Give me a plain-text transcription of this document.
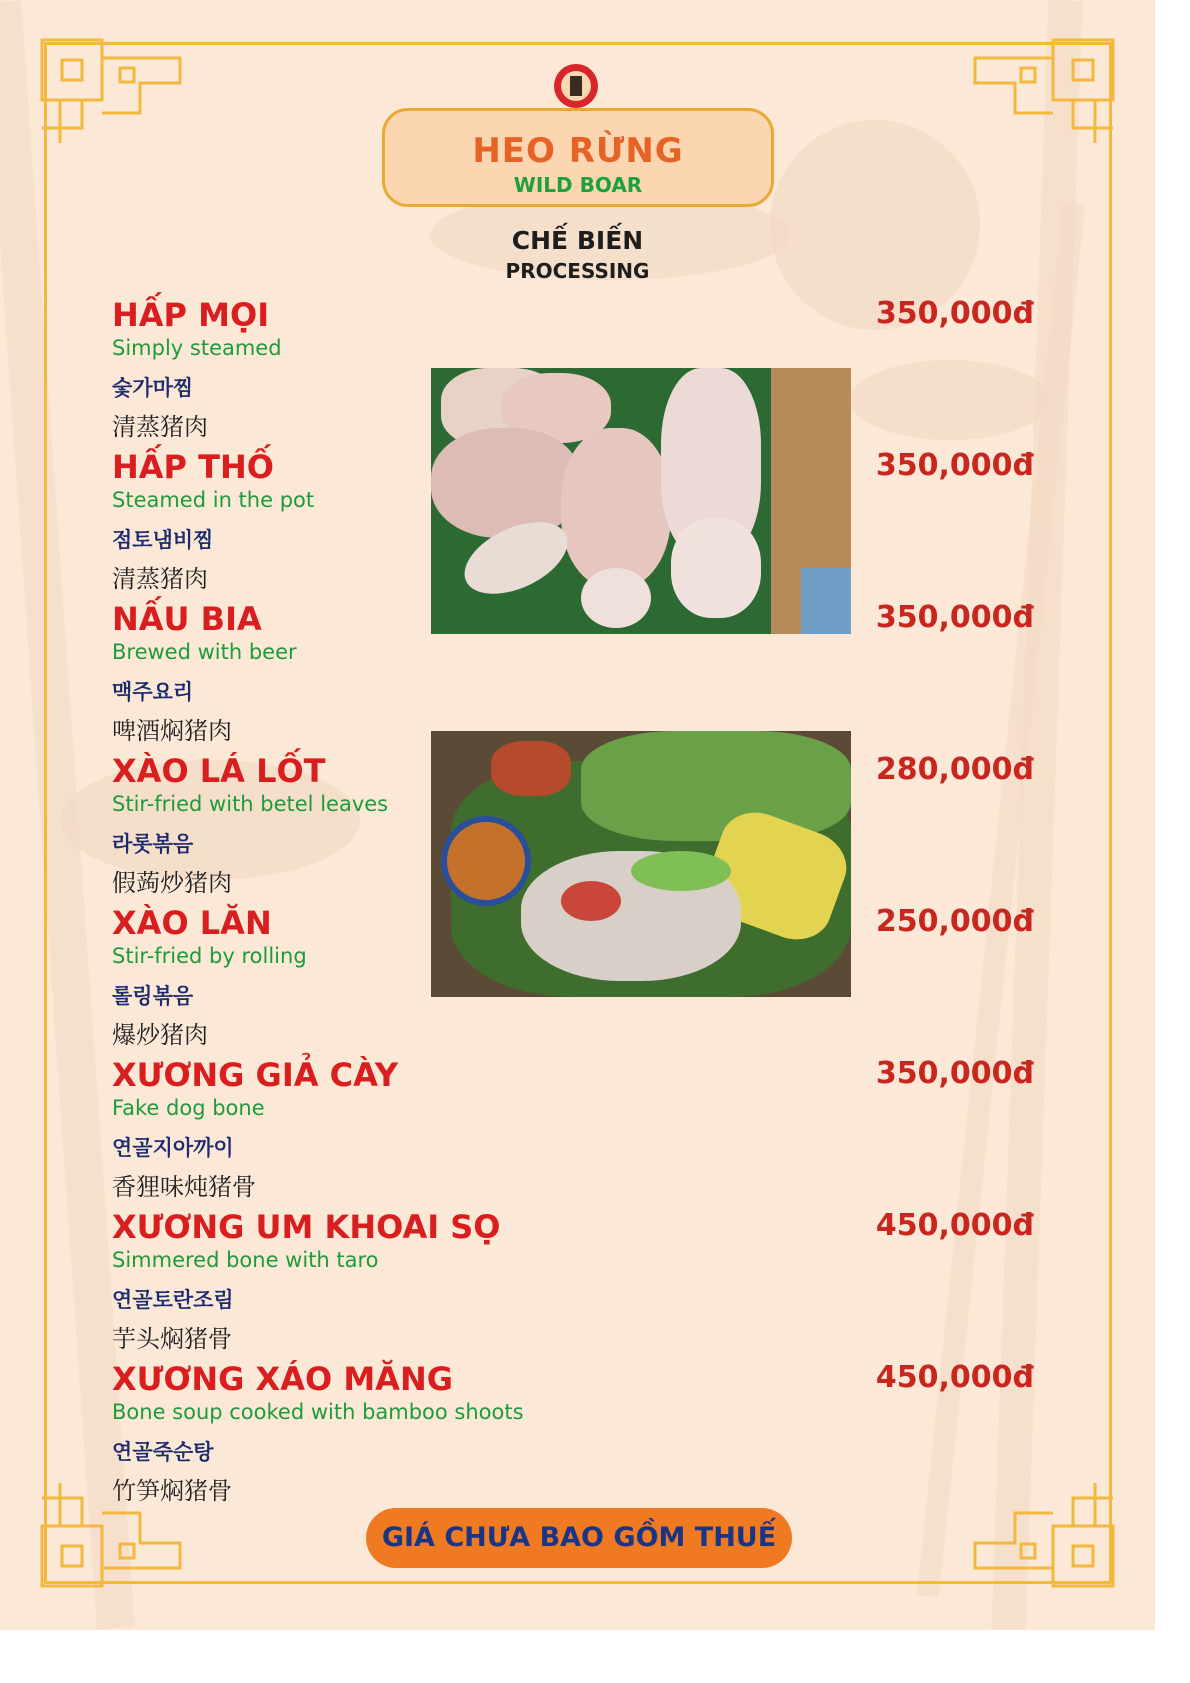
HEO RỪNG
WILD BOAR
CHẾ BIẾN
PROCESSING
HẤP MỌI	350,000đ
Simply steamed
숯가마찜
清蒸猪肉
HẤP THỐ	350,000đ
Steamed in the pot
점토냄비찜
清蒸猪肉
NẤU BIA	350,000đ
Brewed with beer
맥주요리
啤酒焖猪肉
XÀO LÁ LỐT	280,000đ
Stir-fried with betel leaves
라롯볶음
假蒟炒猪肉
XÀO LĂN	250,000đ
Stir-fried by rolling
롤링볶음
爆炒猪肉
XƯƠNG GIẢ CÀY	350,000đ
Fake dog bone
연골지아까이
香狸味炖猪骨
XƯƠNG UM KHOAI SỌ	450,000đ
Simmered bone with taro
연골토란조림
芋头焖猪骨
XƯƠNG XÁO MĂNG	450,000đ
Bone soup cooked with bamboo shoots
연골죽순탕
竹笋焖猪骨
GIÁ CHƯA BAO GỒM THUẾ
